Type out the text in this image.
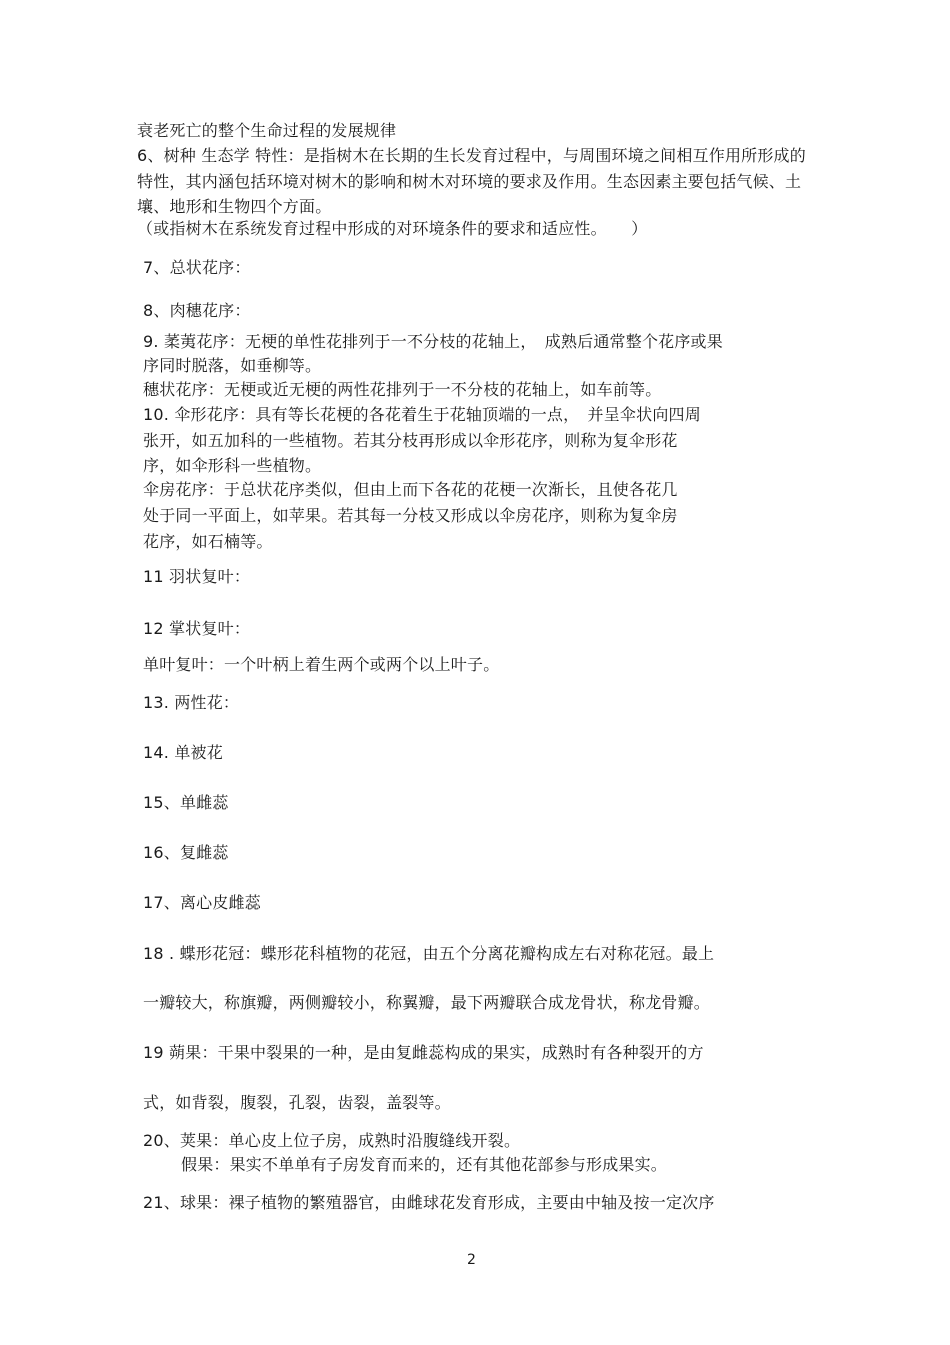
衰老死亡的整个生命过程的发展规律
6、树种 生态学 特性：是指树木在长期的生长发育过程中，与周围环境之间相互作用所形成的
特性，其内涵包括环境对树木的影响和树木对环境的要求及作用。生态因素主要包括气候、土
壤、地形和生物四个方面。
（或指树木在系统发育过程中形成的对环境条件的要求和适应性。　　）
7、总状花序：
8、肉穗花序：
9. 葇荑花序：无梗的单性花排列于一不分枝的花轴上，　成熟后通常整个花序或果
序同时脱落，如垂柳等。
穗状花序：无梗或近无梗的两性花排列于一不分枝的花轴上，如车前等。
10. 伞形花序：具有等长花梗的各花着生于花轴顶端的一点，　并呈伞状向四周
张开，如五加科的一些植物。若其分枝再形成以伞形花序，则称为复伞形花
序，如伞形科一些植物。
伞房花序：于总状花序类似，但由上而下各花的花梗一次渐长，且使各花几
处于同一平面上，如苹果。若其每一分枝又形成以伞房花序，则称为复伞房
花序，如石楠等。
11 羽状复叶：
12 掌状复叶：
单叶复叶：一个叶柄上着生两个或两个以上叶子。
13. 两性花：
14. 单被花
15、单雌蕊
16、复雌蕊
17、离心皮雌蕊
18 . 蝶形花冠：蝶形花科植物的花冠，由五个分离花瓣构成左右对称花冠。最上
一瓣较大，称旗瓣，两侧瓣较小，称翼瓣，最下两瓣联合成龙骨状，称龙骨瓣。
19 蒴果：干果中裂果的一种，是由复雌蕊构成的果实，成熟时有各种裂开的方
式，如背裂，腹裂，孔裂，齿裂，盖裂等。
20、荚果：单心皮上位子房，成熟时沿腹缝线开裂。
假果：果实不单单有子房发育而来的，还有其他花部参与形成果实。
21、球果：裸子植物的繁殖器官，由雌球花发育形成，主要由中轴及按一定次序
2
